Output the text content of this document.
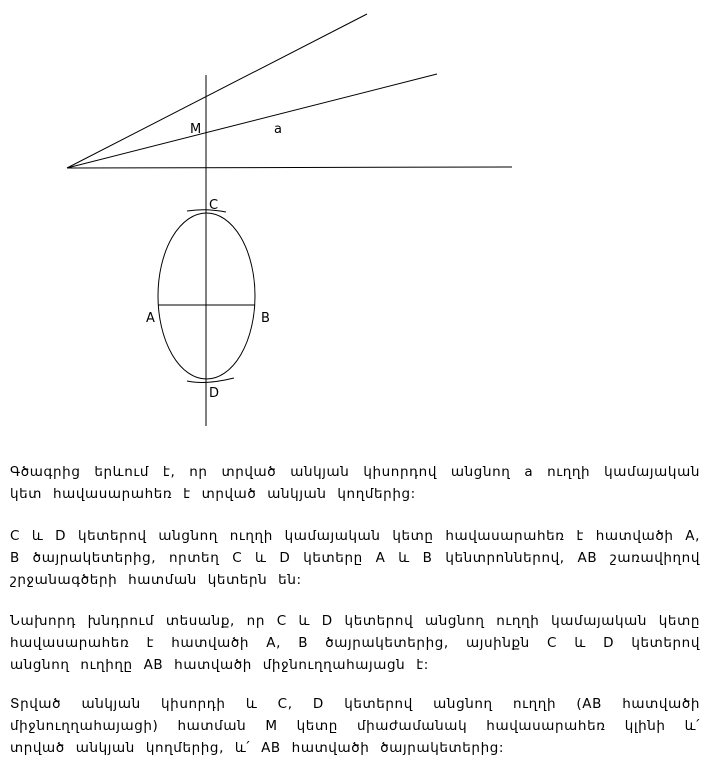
M	a
C
A	B
D

Գծագրից երևում է, որ տրված անկյան կիսորդով անցնող a ուղղի կամայական կետ հավասարահեռ է տրված անկյան կողմերից:

C և D կետերով անցնող ուղղի կամայական կետը հավասարահեռ է հատվածի A, B ծայրակետերից, որտեղ C և D կետերը A և B կենտրոններով, AB շառավիղով շրջանագծերի հատման կետերն են:

Նախորդ խնդրում տեսանք, որ C և D կետերով անցնող ուղղի կամայական կետը հավասարահեռ է հատվածի A, B ծայրակետերից, այսինքն C և D կետերով անցնող ուղիղը AB հատվածի միջնուղղահայացն է:

Տրված անկյան կիսորդի և C, D կետերով անցնող ուղղի (AB հատվածի միջնուղղահայացի) հատման M կետը միաժամանակ հավասարահեռ կլինի և՛ տրված անկյան կողմերից, և՛ AB հատվածի ծայրակետերից:
